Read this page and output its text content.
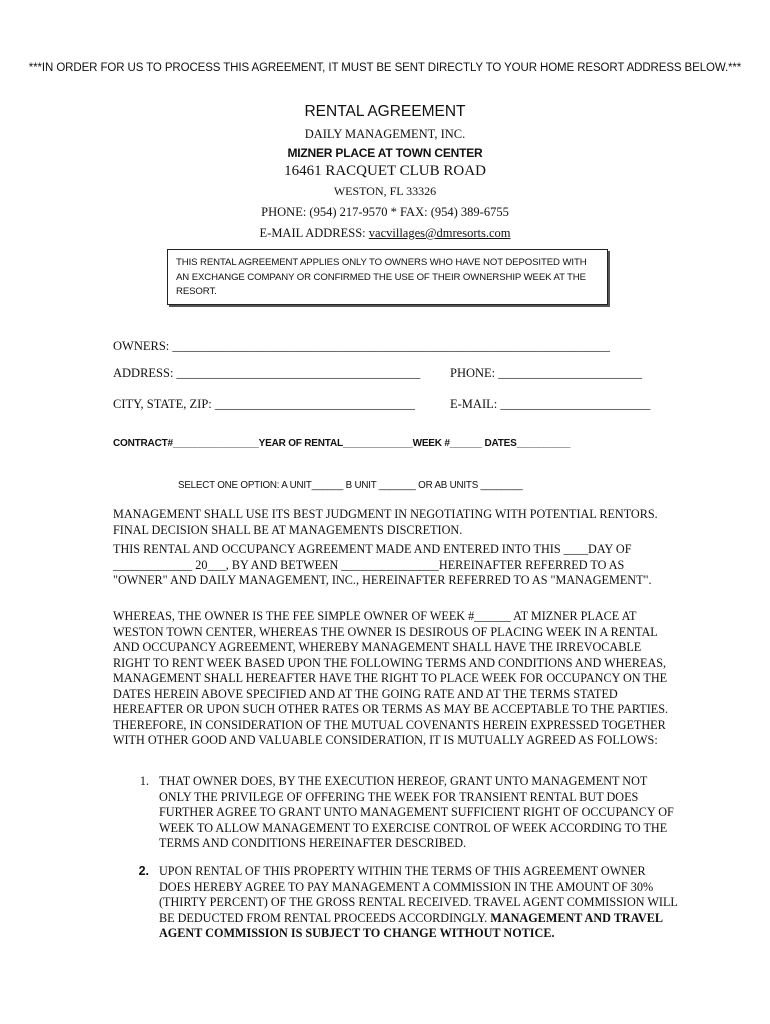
***IN ORDER FOR US TO PROCESS THIS AGREEMENT, IT MUST BE SENT DIRECTLY TO YOUR HOME RESORT ADDRESS BELOW.***
RENTAL AGREEMENT
DAILY MANAGEMENT, INC.
MIZNER PLACE AT TOWN CENTER
16461 RACQUET CLUB ROAD
WESTON, FL 33326
PHONE: (954) 217-9570 * FAX: (954) 389-6755
E-MAIL ADDRESS: vacvillages@dmresorts.com
THIS RENTAL AGREEMENT APPLIES ONLY TO OWNERS WHO HAVE NOT DEPOSITED WITH AN EXCHANGE COMPANY OR CONFIRMED THE USE OF THEIR OWNERSHIP WEEK AT THE RESORT.
OWNERS: ______________________________________________________________________
ADDRESS: _______________________________________ PHONE: _______________________
CITY, STATE, ZIP: ________________________________	E-MAIL: ________________________
CONTRACT#________________YEAR OF RENTAL_____________WEEK #______ DATES__________
SELECT ONE OPTION: A UNIT______ B UNIT _______ OR AB UNITS ________
MANAGEMENT SHALL USE ITS BEST JUDGMENT IN NEGOTIATING WITH POTENTIAL RENTORS. FINAL DECISION SHALL BE AT MANAGEMENTS DISCRETION.
THIS RENTAL AND OCCUPANCY AGREEMENT MADE AND ENTERED INTO THIS ____DAY OF _____________ 20___, BY AND BETWEEN ________________HEREINAFTER REFERRED TO AS "OWNER" AND DAILY MANAGEMENT, INC., HEREINAFTER REFERRED TO AS "MANAGEMENT".
WHEREAS, THE OWNER IS THE FEE SIMPLE OWNER OF WEEK #______ AT MIZNER PLACE AT WESTON TOWN CENTER, WHEREAS THE OWNER IS DESIROUS OF PLACING WEEK IN A RENTAL AND OCCUPANCY AGREEMENT, WHEREBY MANAGEMENT SHALL HAVE THE IRREVOCABLE RIGHT TO RENT WEEK BASED UPON THE FOLLOWING TERMS AND CONDITIONS AND WHEREAS, MANAGEMENT SHALL HEREAFTER HAVE THE RIGHT TO PLACE WEEK FOR OCCUPANCY ON THE DATES HEREIN ABOVE SPECIFIED AND AT THE GOING RATE AND AT THE TERMS STATED HEREAFTER OR UPON SUCH OTHER RATES OR TERMS AS MAY BE ACCEPTABLE TO THE PARTIES. THEREFORE, IN CONSIDERATION OF THE MUTUAL COVENANTS HEREIN EXPRESSED TOGETHER WITH OTHER GOOD AND VALUABLE CONSIDERATION, IT IS MUTUALLY AGREED AS FOLLOWS:
1. THAT OWNER DOES, BY THE EXECUTION HEREOF, GRANT UNTO MANAGEMENT NOT ONLY THE PRIVILEGE OF OFFERING THE WEEK FOR TRANSIENT RENTAL BUT DOES FURTHER AGREE TO GRANT UNTO MANAGEMENT SUFFICIENT RIGHT OF OCCUPANCY OF WEEK TO ALLOW MANAGEMENT TO EXERCISE CONTROL OF WEEK ACCORDING TO THE TERMS AND CONDITIONS HEREINAFTER DESCRIBED.
2. UPON RENTAL OF THIS PROPERTY WITHIN THE TERMS OF THIS AGREEMENT OWNER DOES HEREBY AGREE TO PAY MANAGEMENT A COMMISSION IN THE AMOUNT OF 30% (THIRTY PERCENT) OF THE GROSS RENTAL RECEIVED. TRAVEL AGENT COMMISSION WILL BE DEDUCTED FROM RENTAL PROCEEDS ACCORDINGLY. MANAGEMENT AND TRAVEL AGENT COMMISSION IS SUBJECT TO CHANGE WITHOUT NOTICE.
